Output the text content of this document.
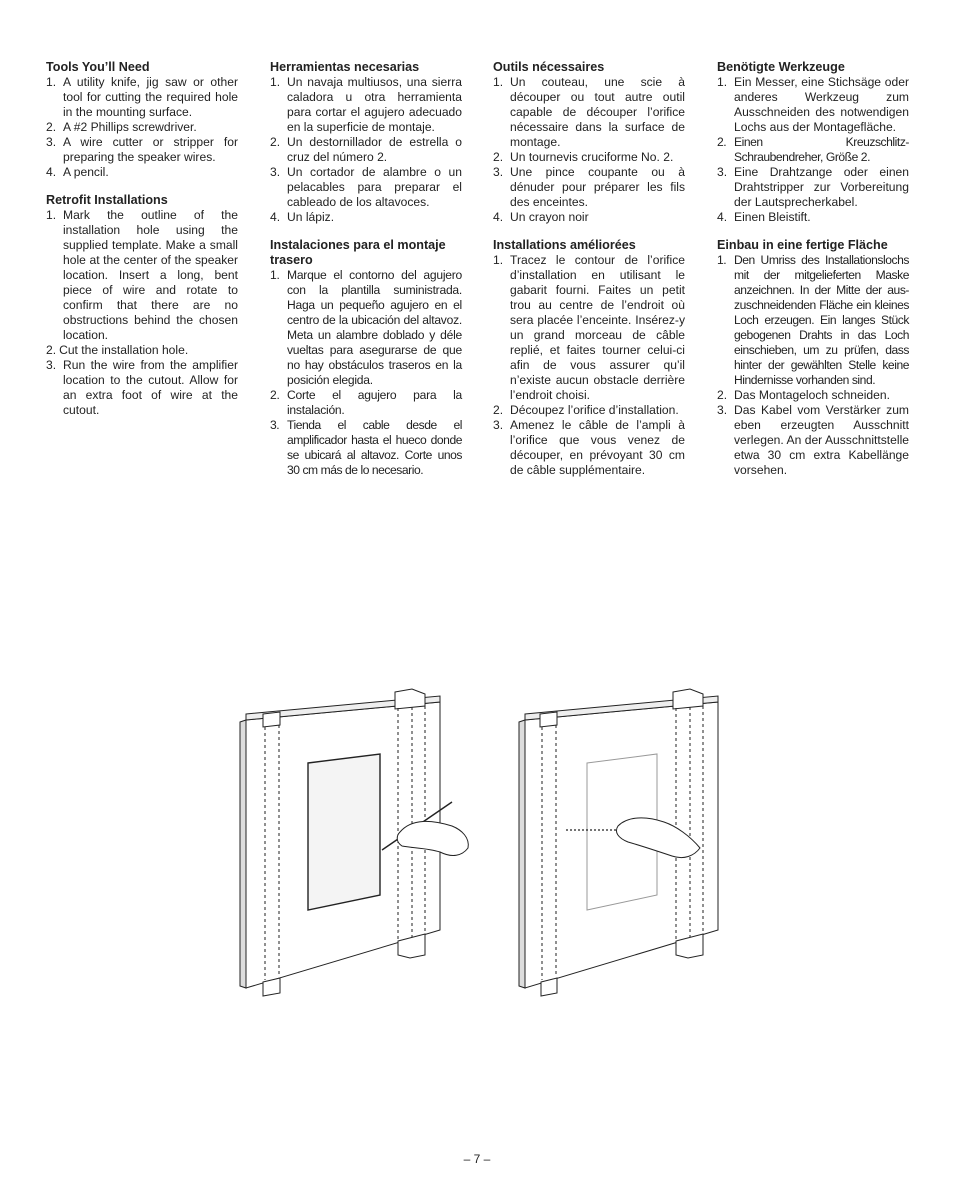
Tools You’ll Need
1. A utility knife, jig saw or other tool for cutting the required hole in the mounting surface.
2. A #2 Phillips screwdriver.
3. A wire cutter or stripper for preparing the speaker wires.
4. A pencil.
Retrofit Installations
1. Mark the outline of the installation hole using the supplied template. Make a small hole at the center of the speaker location. Insert a long, bent piece of wire and rotate to confirm that there are no obstructions behind the chosen location.
2. Cut the installation hole.
3. Run the wire from the amplifier location to the cutout. Allow for an extra foot of wire at the cutout.
Herramientas necesarias
1. Un navaja multiusos, una sierra caladora u otra herramienta para cortar el agujero adecuado en la superficie de montaje.
2. Un destornillador de estrella o cruz del número 2.
3. Un cortador de alambre o un pelacables para preparar el cableado de los altavoces.
4. Un lápiz.
Instalaciones para el montaje trasero
1. Marque el contorno del agujero con la plantilla suministrada. Haga un pequeño agujero en el centro de la ubicación del altavoz. Meta un alambre doblado y déle vueltas para asegurarse de que no hay obstáculos traseros en la posición elegida.
2. Corte el agujero para la instalación.
3. Tienda el cable desde el amplificador hasta el hueco donde se ubicará al altavoz. Corte unos 30 cm más de lo necesario.
Outils nécessaires
1. Un couteau, une scie à découper ou tout autre outil capable de découper l’orifice nécessaire dans la surface de montage.
2. Un tournevis cruciforme No. 2.
3. Une pince coupante ou à dénuder pour préparer les fils des enceintes.
4. Un crayon noir
Installations améliorées
1. Tracez le contour de l’orifice d’installation en utilisant le gabarit fourni. Faites un petit trou au centre de l’endroit où sera placée l’enceinte. Insérez-y un grand morceau de câble replié, et faites tourner celui-ci afin de vous assurer qu’il n’existe aucun obstacle derrière l’endroit choisi.
2. Découpez l’orifice d’installation.
3. Amenez le câble de l’ampli à l’orifice que vous venez de découper, en prévoyant 30 cm de câble supplémentaire.
Benötigte Werkzeuge
1. Ein Messer, eine Stichsäge oder anderes Werkzeug zum Ausschneiden des notwendigen Lochs aus der Montagefläche.
2. Einen Kreuzschlitz-Schraubendreher, Größe 2.
3. Eine Drahtzange oder einen Drahtstripper zur Vorbereitung der Lautsprecherkabel.
4. Einen Bleistift.
Einbau in eine fertige Fläche
1. Den Umriss des Installationslochs mit der mitgelieferten Maske anzeichnen. In der Mitte der aus-zuschneidenden Fläche ein kleines Loch erzeugen. Ein langes Stück gebogenen Drahts in das Loch einschieben, um zu prüfen, dass hinter der gewählten Stelle keine Hindernisse vorhanden sind.
2. Das Montageloch schneiden.
3. Das Kabel vom Verstärker zum eben erzeugten Ausschnitt verlegen. An der Ausschnittstelle etwa 30 cm extra Kabellänge vorsehen.
– 7 –
